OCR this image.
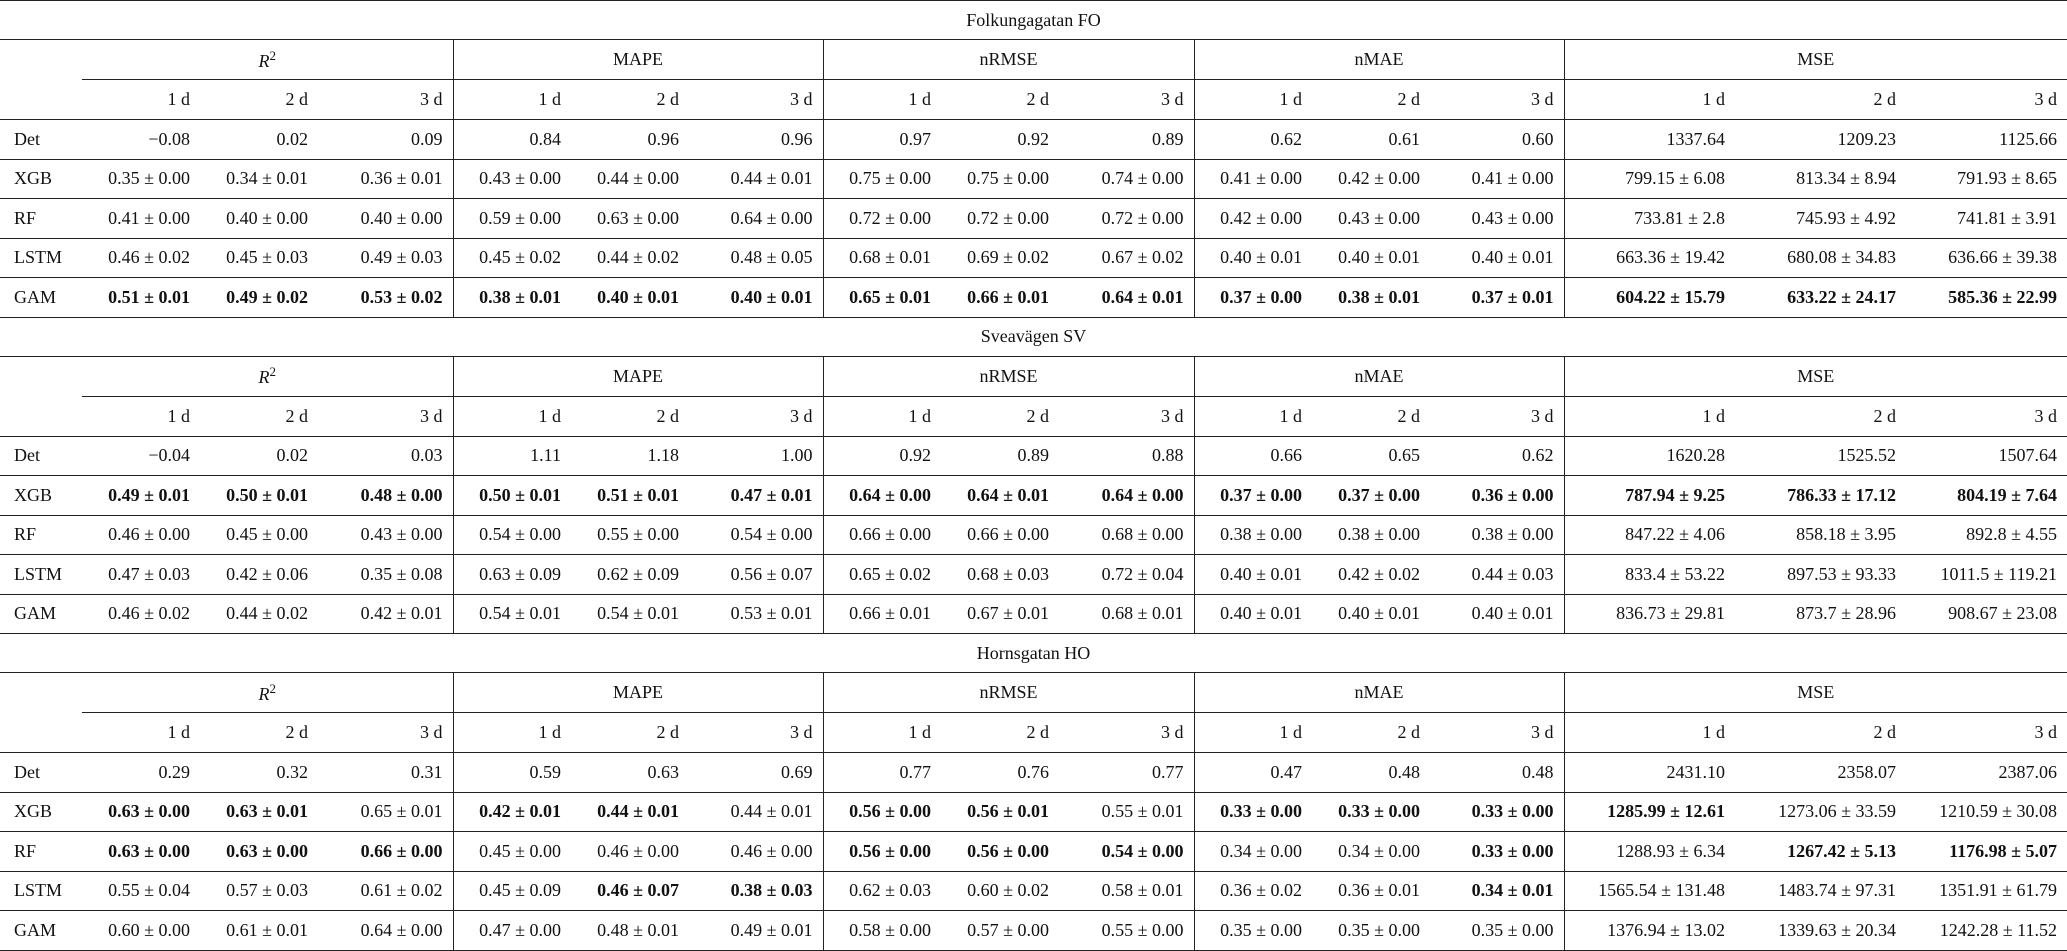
Folkungagatan FO															
	$R^2$			MAPE			nRMSE			nMAE			MSE		
	1 d	2 d	3 d	1 d	2 d	3 d	1 d	2 d	3 d	1 d	2 d	3 d	1 d	2 d	3 d
Det	−0.08	0.02	0.09	0.84	0.96	0.96	0.97	0.92	0.89	0.62	0.61	0.60	1337.64	1209.23	1125.66
XGB	0.35 ± 0.00	0.34 ± 0.01	0.36 ± 0.01	0.43 ± 0.00	0.44 ± 0.00	0.44 ± 0.01	0.75 ± 0.00	0.75 ± 0.00	0.74 ± 0.00	0.41 ± 0.00	0.42 ± 0.00	0.41 ± 0.00	799.15 ± 6.08	813.34 ± 8.94	791.93 ± 8.65
RF	0.41 ± 0.00	0.40 ± 0.00	0.40 ± 0.00	0.59 ± 0.00	0.63 ± 0.00	0.64 ± 0.00	0.72 ± 0.00	0.72 ± 0.00	0.72 ± 0.00	0.42 ± 0.00	0.43 ± 0.00	0.43 ± 0.00	733.81 ± 2.8	745.93 ± 4.92	741.81 ± 3.91
LSTM	0.46 ± 0.02	0.45 ± 0.03	0.49 ± 0.03	0.45 ± 0.02	0.44 ± 0.02	0.48 ± 0.05	0.68 ± 0.01	0.69 ± 0.02	0.67 ± 0.02	0.40 ± 0.01	0.40 ± 0.01	0.40 ± 0.01	663.36 ± 19.42	680.08 ± 34.83	636.66 ± 39.38
GAM	0.51 ± 0.01	0.49 ± 0.02	0.53 ± 0.02	0.38 ± 0.01	0.40 ± 0.01	0.40 ± 0.01	0.65 ± 0.01	0.66 ± 0.01	0.64 ± 0.01	0.37 ± 0.00	0.38 ± 0.01	0.37 ± 0.01	604.22 ± 15.79	633.22 ± 24.17	585.36 ± 22.99
Sveavägen SV															
	$R^2$			MAPE			nRMSE			nMAE			MSE		
	1 d	2 d	3 d	1 d	2 d	3 d	1 d	2 d	3 d	1 d	2 d	3 d	1 d	2 d	3 d
Det	−0.04	0.02	0.03	1.11	1.18	1.00	0.92	0.89	0.88	0.66	0.65	0.62	1620.28	1525.52	1507.64
XGB	0.49 ± 0.01	0.50 ± 0.01	0.48 ± 0.00	0.50 ± 0.01	0.51 ± 0.01	0.47 ± 0.01	0.64 ± 0.00	0.64 ± 0.01	0.64 ± 0.00	0.37 ± 0.00	0.37 ± 0.00	0.36 ± 0.00	787.94 ± 9.25	786.33 ± 17.12	804.19 ± 7.64
RF	0.46 ± 0.00	0.45 ± 0.00	0.43 ± 0.00	0.54 ± 0.00	0.55 ± 0.00	0.54 ± 0.00	0.66 ± 0.00	0.66 ± 0.00	0.68 ± 0.00	0.38 ± 0.00	0.38 ± 0.00	0.38 ± 0.00	847.22 ± 4.06	858.18 ± 3.95	892.8 ± 4.55
LSTM	0.47 ± 0.03	0.42 ± 0.06	0.35 ± 0.08	0.63 ± 0.09	0.62 ± 0.09	0.56 ± 0.07	0.65 ± 0.02	0.68 ± 0.03	0.72 ± 0.04	0.40 ± 0.01	0.42 ± 0.02	0.44 ± 0.03	833.4 ± 53.22	897.53 ± 93.33	1011.5 ± 119.21
GAM	0.46 ± 0.02	0.44 ± 0.02	0.42 ± 0.01	0.54 ± 0.01	0.54 ± 0.01	0.53 ± 0.01	0.66 ± 0.01	0.67 ± 0.01	0.68 ± 0.01	0.40 ± 0.01	0.40 ± 0.01	0.40 ± 0.01	836.73 ± 29.81	873.7 ± 28.96	908.67 ± 23.08
Hornsgatan HO															
	$R^2$			MAPE			nRMSE			nMAE			MSE		
	1 d	2 d	3 d	1 d	2 d	3 d	1 d	2 d	3 d	1 d	2 d	3 d	1 d	2 d	3 d
Det	0.29	0.32	0.31	0.59	0.63	0.69	0.77	0.76	0.77	0.47	0.48	0.48	2431.10	2358.07	2387.06
XGB	0.63 ± 0.00	0.63 ± 0.01	0.65 ± 0.01	0.42 ± 0.01	0.44 ± 0.01	0.44 ± 0.01	0.56 ± 0.00	0.56 ± 0.01	0.55 ± 0.01	0.33 ± 0.00	0.33 ± 0.00	0.33 ± 0.00	1285.99 ± 12.61	1273.06 ± 33.59	1210.59 ± 30.08
RF	0.63 ± 0.00	0.63 ± 0.00	0.66 ± 0.00	0.45 ± 0.00	0.46 ± 0.00	0.46 ± 0.00	0.56 ± 0.00	0.56 ± 0.00	0.54 ± 0.00	0.34 ± 0.00	0.34 ± 0.00	0.33 ± 0.00	1288.93 ± 6.34	1267.42 ± 5.13	1176.98 ± 5.07
LSTM	0.55 ± 0.04	0.57 ± 0.03	0.61 ± 0.02	0.45 ± 0.09	0.46 ± 0.07	0.38 ± 0.03	0.62 ± 0.03	0.60 ± 0.02	0.58 ± 0.01	0.36 ± 0.02	0.36 ± 0.01	0.34 ± 0.01	1565.54 ± 131.48	1483.74 ± 97.31	1351.91 ± 61.79
GAM	0.60 ± 0.00	0.61 ± 0.01	0.64 ± 0.00	0.47 ± 0.00	0.48 ± 0.01	0.49 ± 0.01	0.58 ± 0.00	0.57 ± 0.00	0.55 ± 0.00	0.35 ± 0.00	0.35 ± 0.00	0.35 ± 0.00	1376.94 ± 13.02	1339.63 ± 20.34	1242.28 ± 11.52
